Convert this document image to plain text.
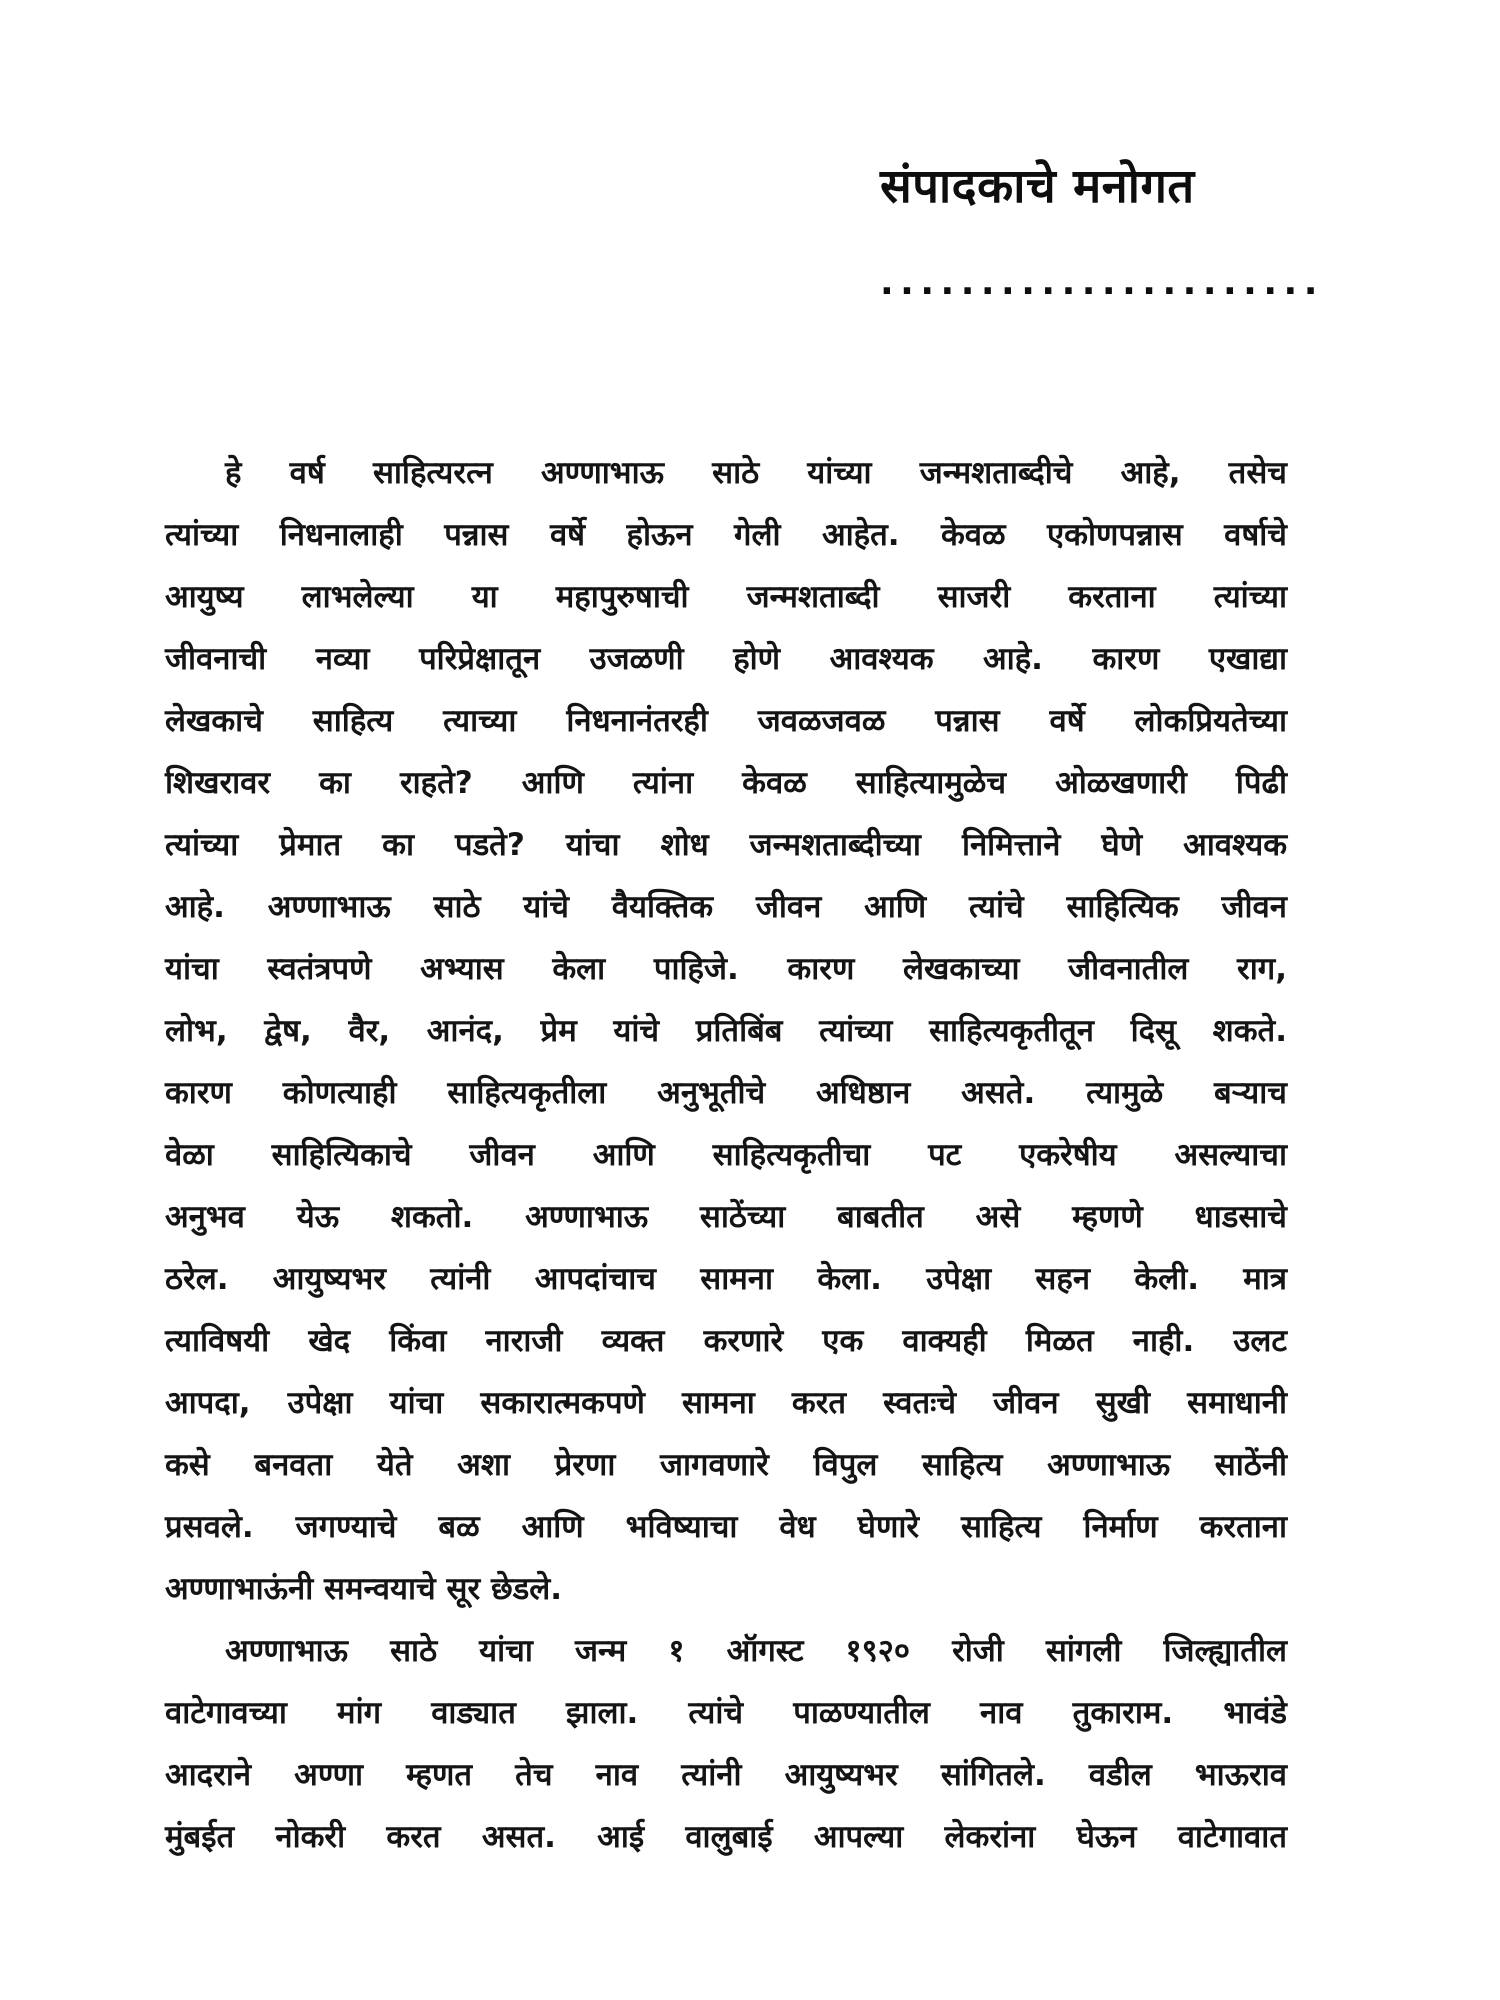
संपादकाचे मनोगत
......................
हे वर्ष साहित्यरत्न अण्णाभाऊ साठे यांच्या जन्मशताब्दीचे आहे, तसेच
त्यांच्या निधनालाही पन्नास वर्षे होऊन गेली आहेत. केवळ एकोणपन्नास वर्षाचे
आयुष्य लाभलेल्या या महापुरुषाची जन्मशताब्दी साजरी करताना त्यांच्या
जीवनाची नव्या परिप्रेक्षातून उजळणी होणे आवश्यक आहे. कारण एखाद्या
लेखकाचे साहित्य त्याच्या निधनानंतरही जवळजवळ पन्नास वर्षे लोकप्रियतेच्या
शिखरावर का राहते? आणि त्यांना केवळ साहित्यामुळेच ओळखणारी पिढी
त्यांच्या प्रेमात का पडते? यांचा शोध जन्मशताब्दीच्या निमित्ताने घेणे आवश्यक
आहे. अण्णाभाऊ साठे यांचे वैयक्तिक जीवन आणि त्यांचे साहित्यिक जीवन
यांचा स्वतंत्रपणे अभ्यास केला पाहिजे. कारण लेखकाच्या जीवनातील राग,
लोभ, द्वेष, वैर, आनंद, प्रेम यांचे प्रतिबिंब त्यांच्या साहित्यकृतीतून दिसू शकते.
कारण कोणत्याही साहित्यकृतीला अनुभूतीचे अधिष्ठान असते. त्यामुळे बऱ्याच
वेळा साहित्यिकाचे जीवन आणि साहित्यकृतीचा पट एकरेषीय असल्याचा
अनुभव येऊ शकतो. अण्णाभाऊ साठेंच्या बाबतीत असे म्हणणे धाडसाचे
ठरेल. आयुष्यभर त्यांनी आपदांचाच सामना केला. उपेक्षा सहन केली. मात्र
त्याविषयी खेद किंवा नाराजी व्यक्त करणारे एक वाक्यही मिळत नाही. उलट
आपदा, उपेक्षा यांचा सकारात्मकपणे सामना करत स्वतःचे जीवन सुखी समाधानी
कसे बनवता येते अशा प्रेरणा जागवणारे विपुल साहित्य अण्णाभाऊ साठेंनी
प्रसवले. जगण्याचे बळ आणि भविष्याचा वेध घेणारे साहित्य निर्माण करताना
अण्णाभाऊंनी समन्वयाचे सूर छेडले.
अण्णाभाऊ साठे यांचा जन्म १ ऑगस्ट १९२० रोजी सांगली जिल्ह्यातील
वाटेगावच्या मांग वाड्यात झाला. त्यांचे पाळण्यातील नाव तुकाराम. भावंडे
आदराने अण्णा म्हणत तेच नाव त्यांनी आयुष्यभर सांगितले. वडील भाऊराव
मुंबईत नोकरी करत असत. आई वालुबाई आपल्या लेकरांना घेऊन वाटेगावात
